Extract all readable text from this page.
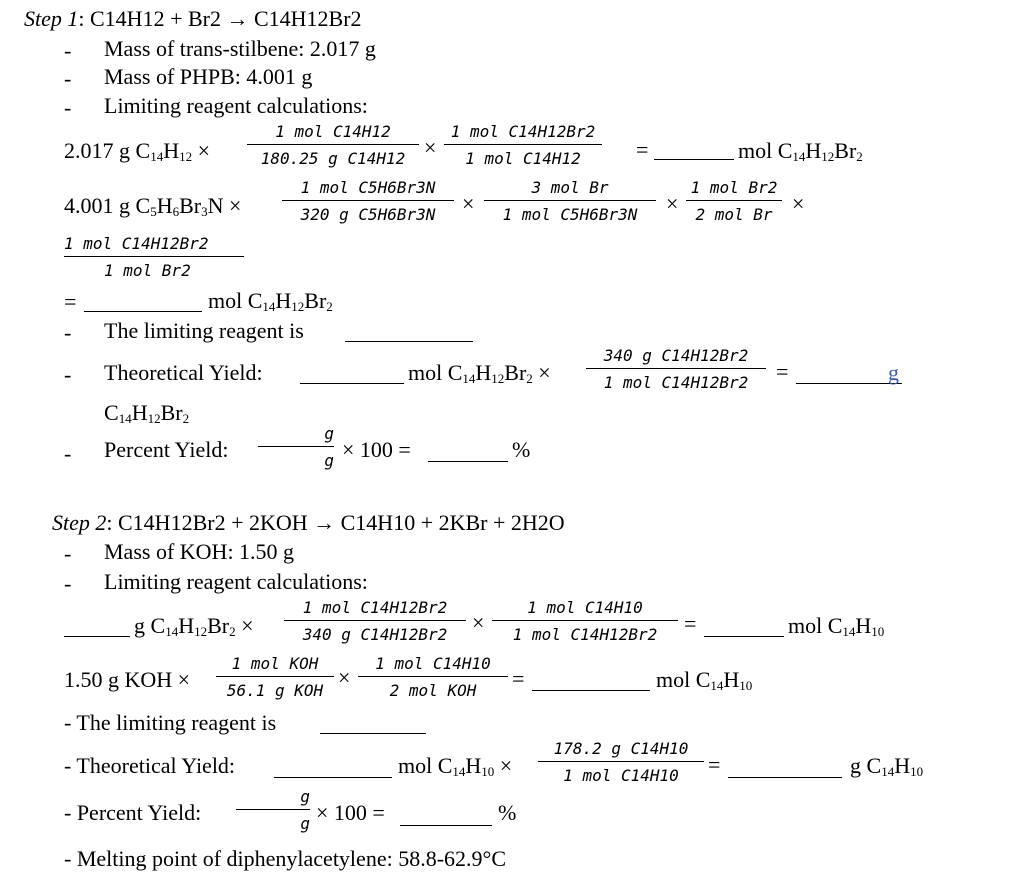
Step 1: C14H12 + Br2 → C14H12Br2
- Mass of trans-stilbene: 2.017 g
- Mass of PHPB: 4.001 g
- Limiting reagent calculations:
2.017 g $C_{14}H_{12}$ ×
1 mol C14H12
180.25 g C14H12 ×
1 mol C14H12Br2
1 mol C14H12	=	mol $C_{14}H_{12}Br_2$
4.001 g $C_5H_6Br_3N$ ×
1 mol C5H6Br3N
320 g C5H6Br3N	×
3 mol Br
1 mol C5H6Br3N	×
1 mol Br2
2 mol Br ×
1 mol C14H12Br2
1 mol Br2
=	mol $C_{14}H_{12}Br_2$
- The limiting reagent is
- Theoretical Yield:	mol $C_{14}H_{12}Br_2$ ×
340 g C14H12Br2
1 mol C14H12Br2	=	g
$C_{14}H_{12}Br_2$
- Percent Yield:
g
g × 100 =	%
Step 2: C14H12Br2 + 2KOH → C14H10 + 2KBr + 2H2O
- Mass of KOH: 1.50 g
- Limiting reagent calculations:
g $C_{14}H_{12}Br_2$ ×
1 mol C14H12Br2
340 g C14H12Br2	×
1 mol C14H10
1 mol C14H12Br2	=	mol $C_{14}H_{10}$
1.50 g KOH ×
1 mol KOH
56.1 g KOH
×
1 mol C14H10
2 mol KOH	=	mol $C_{14}H_{10}$
- The limiting reagent is
- Theoretical Yield:	mol $C_{14}H_{10}$ ×
178.2 g C14H10
1 mol C14H10	=	g $C_{14}H_{10}$
- Percent Yield:
g
g × 100 =	%
- Melting point of diphenylacetylene: 58.8-62.9°C
